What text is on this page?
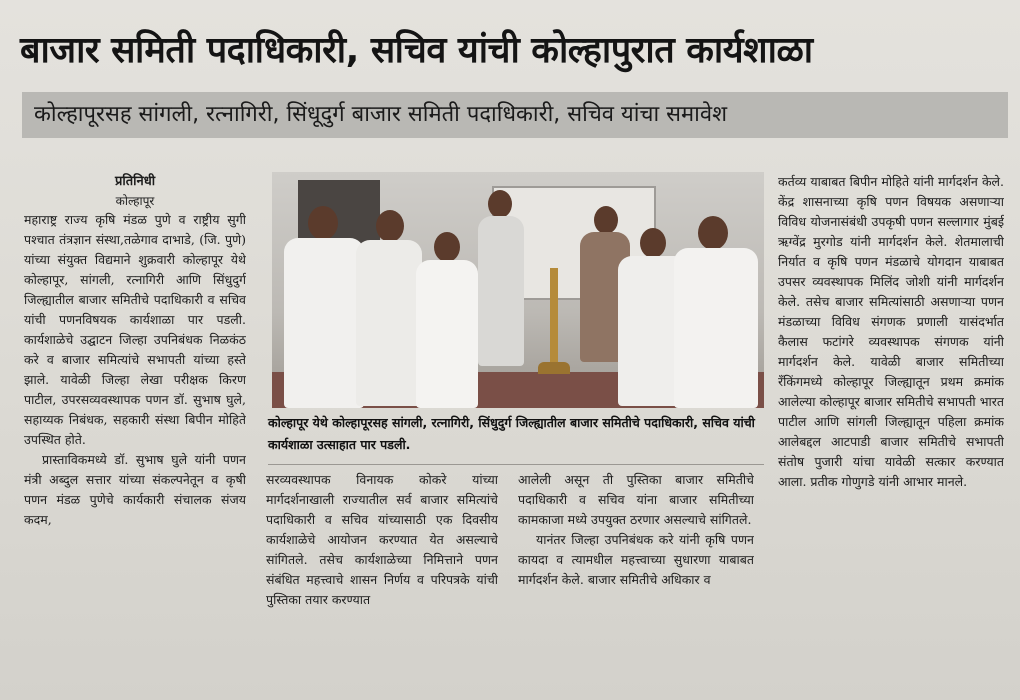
बाजार समिती पदाधिकारी, सचिव यांची कोल्हापुरात कार्यशाळा
कोल्हापूरसह सांगली, रत्नागिरी, सिंधूदुर्ग बाजार समिती पदाधिकारी, सचिव यांचा समावेश
प्रतिनिधी
कोल्हापूर

महाराष्ट्र राज्य कृषि मंडळ पुणे व राष्ट्रीय सुगी पश्चात तंत्रज्ञान संस्था,तळेगाव दाभाडे, (जि. पुणे) यांच्या संयुक्त विद्यमाने शुक्रवारी कोल्हापूर येथे कोल्हापूर, सांगली, रत्नागिरी आणि सिंधुदुर्ग जिल्ह्यातील बाजार समितीचे पदाधिकारी व सचिव यांची पणनविषयक कार्यशाळा पार पडली. कार्यशाळेचे उद्घाटन जिल्हा उपनिबंधक निळकंठ करे व बाजार समित्यांचे सभापती यांच्या हस्ते झाले. यावेळी जिल्हा लेखा परीक्षक किरण पाटील, उपरसव्यवस्थापक पणन डॉ. सुभाष घुले, सहाय्यक निबंधक, सहकारी संस्था बिपीन मोहिते उपस्थित होते.

प्रास्ताविकमध्ये डॉ. सुभाष घुले यांनी पणन मंत्री अब्दुल सत्तार यांच्या संकल्पनेतून व कृषी पणन मंडळ पुणेचे कार्यकारी संचालक संजय कदम,

कोल्हापूर येथे कोल्हापूरसह सांगली, रत्नागिरी, सिंधुदुर्ग जिल्ह्यातील बाजार समितीचे पदाधिकारी, सचिव यांची कार्यशाळा उत्साहात पार पडली.

सरव्यवस्थापक विनायक कोकरे यांच्या मार्गदर्शनाखाली राज्यातील सर्व बाजार समित्यांचे पदाधिकारी व सचिव यांच्यासाठी एक दिवसीय कार्यशाळेचे आयोजन करण्यात येत असल्याचे सांगितले. तसेच कार्यशाळेच्या निमित्ताने पणन संबंधित महत्त्वाचे शासन निर्णय व परिपत्रके यांची पुस्तिका तयार करण्यात

आलेली असून ती पुस्तिका बाजार समितीचे पदाधिकारी व सचिव यांना बाजार समितीच्या कामकाजा मध्ये उपयुक्त ठरणार असल्याचे सांगितले.

यानंतर जिल्हा उपनिबंधक करे यांनी कृषि पणन कायदा व त्यामधील महत्त्वाच्या सुधारणा याबाबत मार्गदर्शन केले. बाजार समितीचे अधिकार व

कर्तव्य याबाबत बिपीन मोहिते यांनी मार्गदर्शन केले. केंद्र शासनाच्या कृषि पणन विषयक असणाऱ्या विविध योजनासंबंधी उपकृषी पणन सल्लागार मुंबई ऋग्वेंद्र मुरगोड यांनी मार्गदर्शन केले. शेतमालाची निर्यात व कृषि पणन मंडळाचे योगदान याबाबत उपसर व्यवस्थापक मिलिंद जोशी यांनी मार्गदर्शन केले. तसेच बाजार समित्यांसाठी असणाऱ्या पणन मंडळाच्या विविध संगणक प्रणाली यासंदर्भात कैलास फटांगरे व्यवस्थापक संगणक यांनी मार्गदर्शन केले. यावेळी बाजार समितीच्या रँकिंगमध्ये कोल्हापूर जिल्ह्यातून प्रथम क्रमांक आलेल्या कोल्हापूर बाजार समितीचे सभापती भारत पाटील आणि सांगली जिल्ह्यातून पहिला क्रमांक आलेबद्दल आटपाडी बाजार समितीचे सभापती संतोष पुजारी यांचा यावेळी सत्कार करण्यात आला. प्रतीक गोणुगडे यांनी आभार मानले.
